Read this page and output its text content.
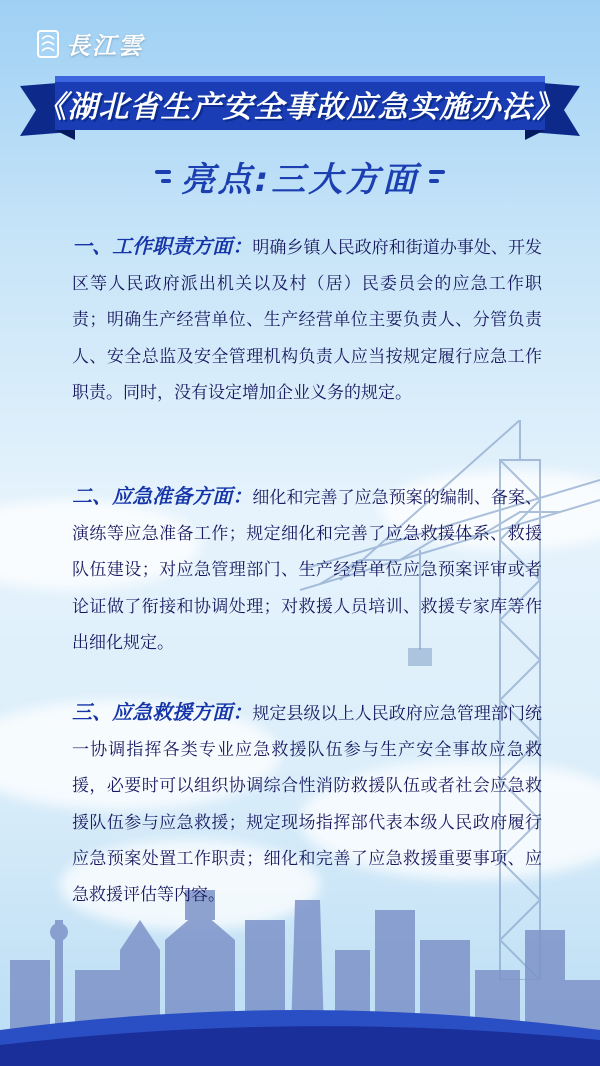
長江雲
《湖北省生产安全事故应急实施办法》
亮点:三大方面
一、工作职责方面：明确乡镇人民政府和街道办事处、开发区等人民政府派出机关以及村（居）民委员会的应急工作职责；明确生产经营单位、生产经营单位主要负责人、分管负责人、安全总监及安全管理机构负责人应当按规定履行应急工作职责。同时，没有设定增加企业义务的规定。
二、应急准备方面：细化和完善了应急预案的编制、备案、演练等应急准备工作；规定细化和完善了应急救援体系、救援队伍建设；对应急管理部门、生产经营单位应急预案评审或者论证做了衔接和协调处理；对救援人员培训、救援专家库等作出细化规定。
三、应急救援方面：规定县级以上人民政府应急管理部门统一协调指挥各类专业应急救援队伍参与生产安全事故应急救援，必要时可以组织协调综合性消防救援队伍或者社会应急救援队伍参与应急救援；规定现场指挥部代表本级人民政府履行应急预案处置工作职责；细化和完善了应急救援重要事项、应急救援评估等内容。
